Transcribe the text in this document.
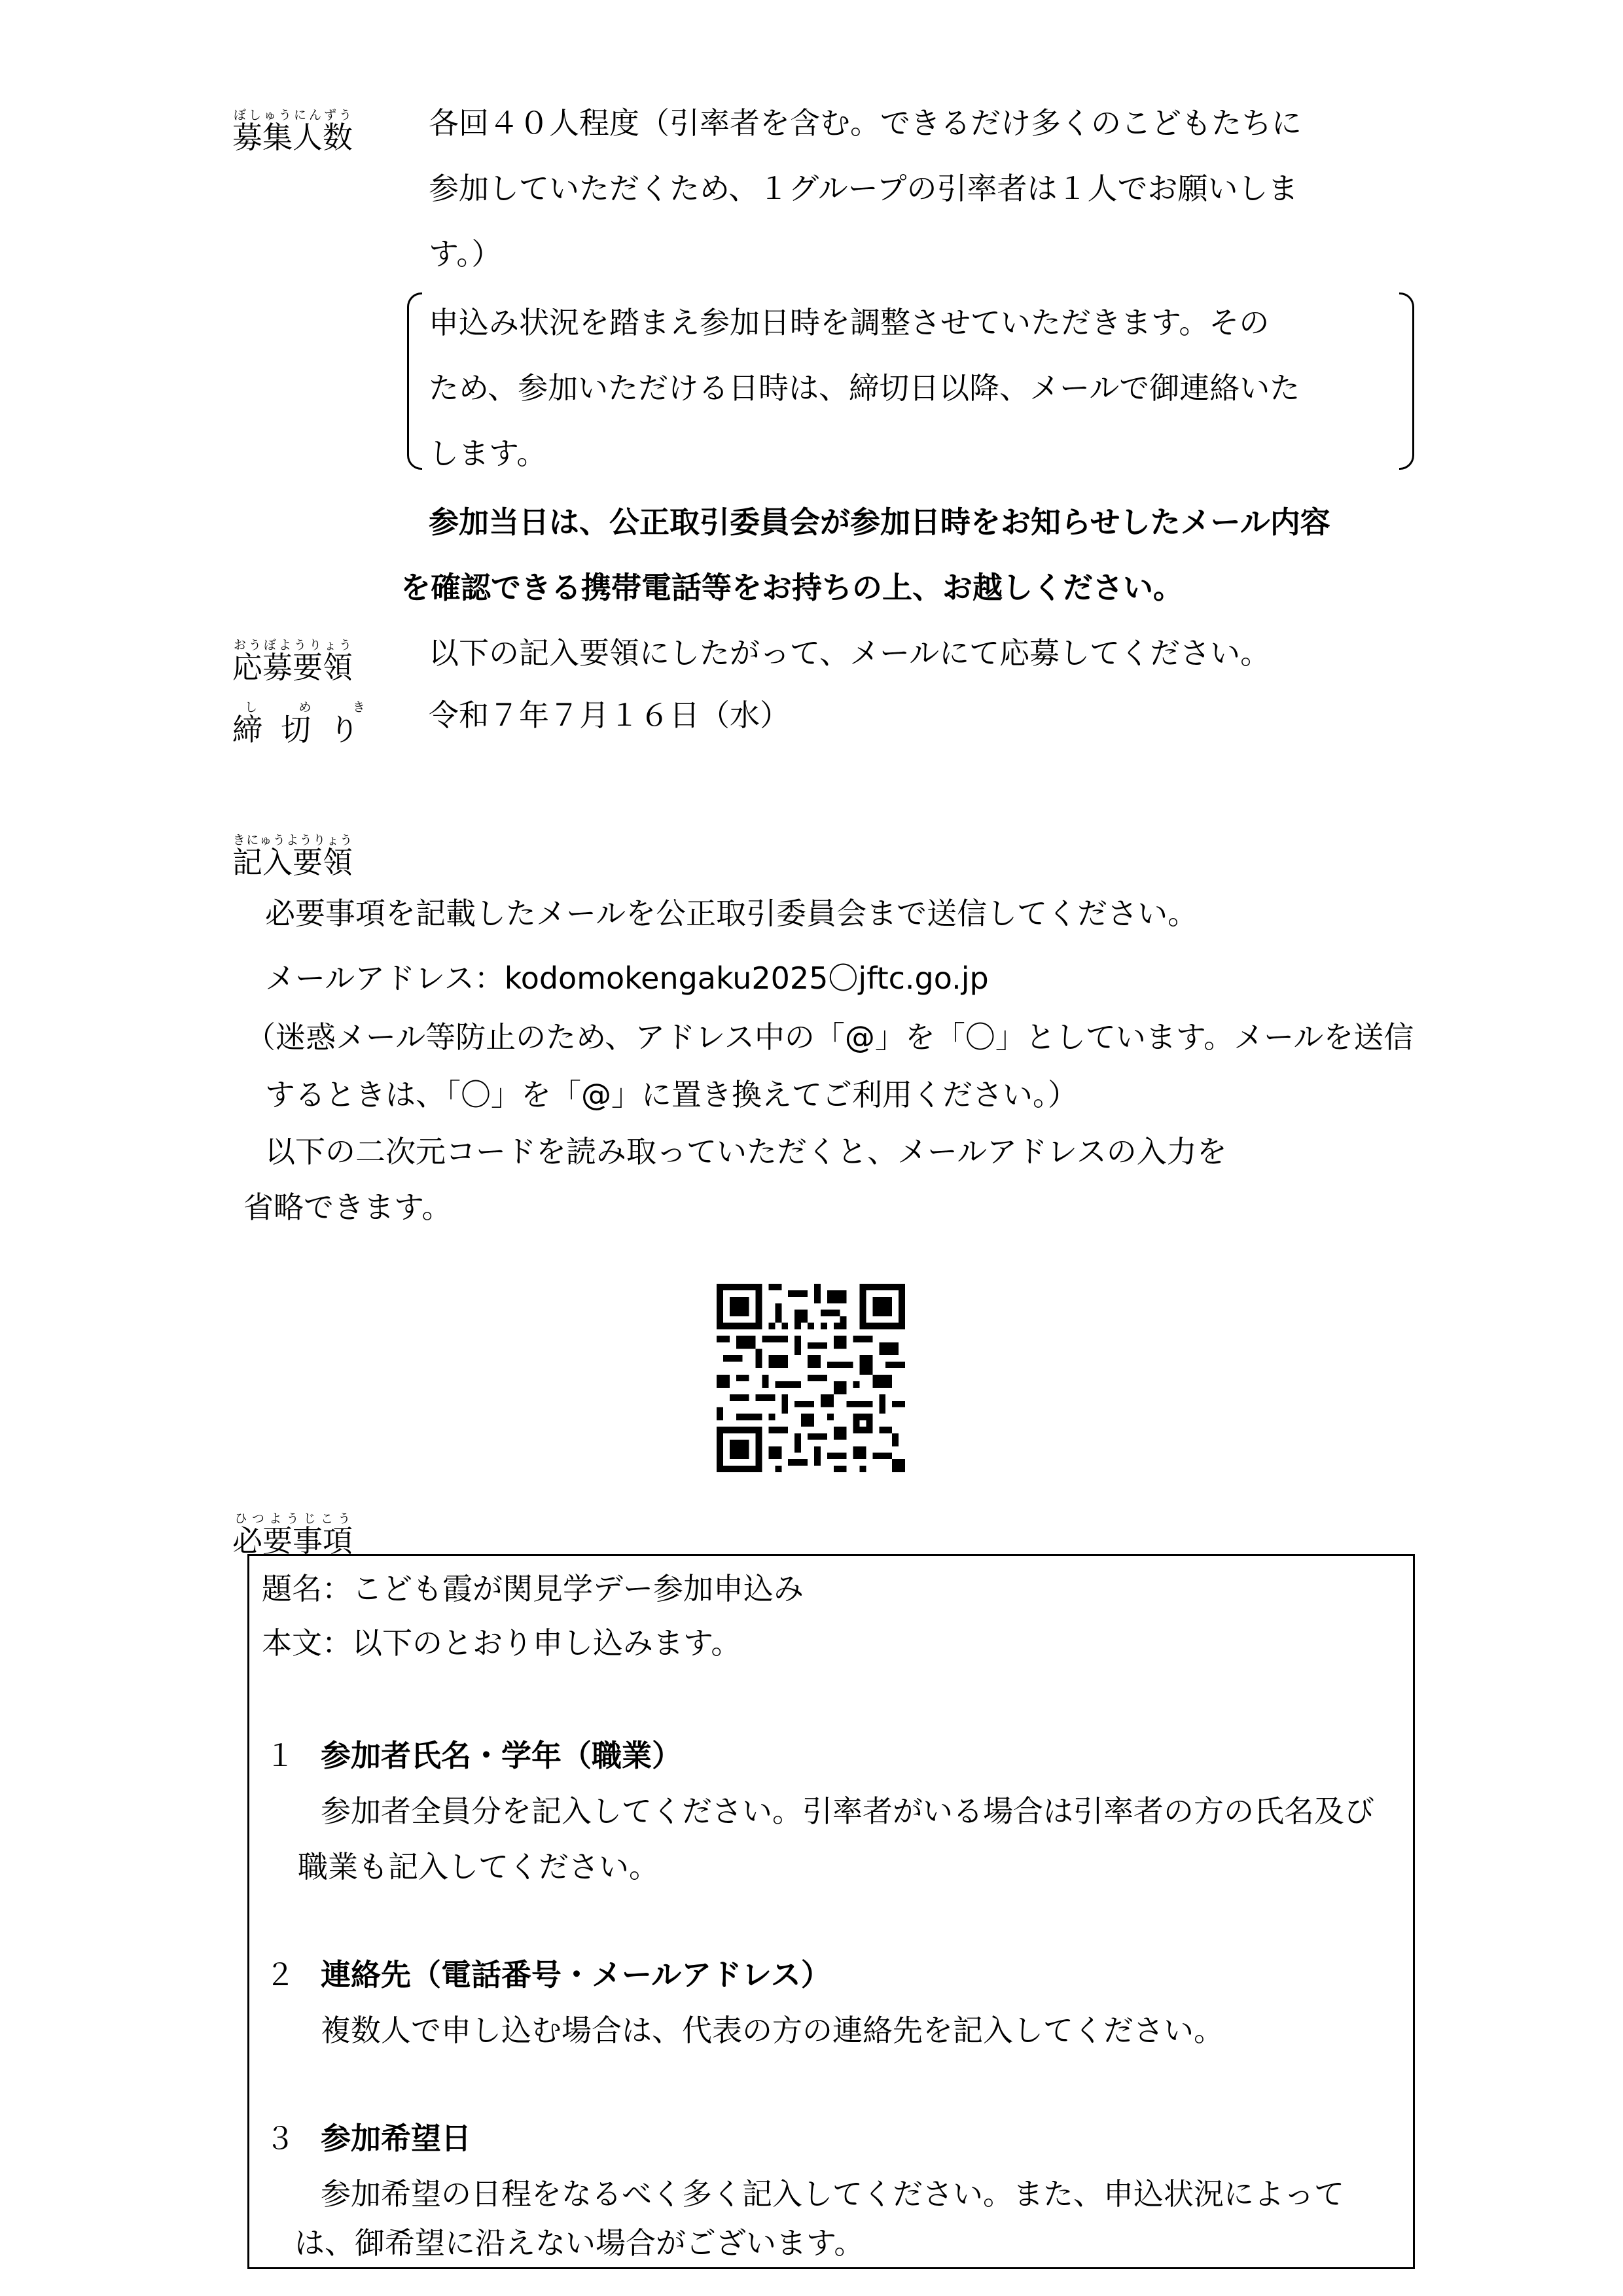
募集人数ぼしゅうにんずう	各回４０人程度（引率者を含む。できるだけ多くのこどもたちに
参加していただくため、１グループの引率者は１人でお願いしま
す。）
申込み状況を踏まえ参加日時を調整させていただきます。その
ため、参加いただける日時は、締切日以降、メールで御連絡いた
します。
参加当日は、公正取引委員会が参加日時をお知らせしたメール内容
を確認できる携帯電話等をお持ちの上、お越しください。
応募要領おうぼようりょう	以下の記入要領にしたがって、メールにて応募してください。
締切りしめき 令和７年７月１６日（水）
記入要領きにゅうようりょう
必要事項を記載したメールを公正取引委員会まで送信してください。
メールアドレス：kodomokengaku2025〇jftc.go.jp
（迷惑メール等防止のため、アドレス中の「@」を「〇」としています。メールを送信
するときは、「〇」を「@」に置き換えてご利用ください。）
以下の二次元コードを読み取っていただくと、メールアドレスの入力を
省略できます。
必要事項ひつようじこう
題名：こども霞が関見学デー参加申込み
本文：以下のとおり申し込みます。
１ 参加者氏名・学年（職業）
参加者全員分を記入してください。引率者がいる場合は引率者の方の氏名及び
職業も記入してください。
２ 連絡先（電話番号・メールアドレス）
複数人で申し込む場合は、代表の方の連絡先を記入してください。
３ 参加希望日
参加希望の日程をなるべく多く記入してください。また、申込状況によって
は、御希望に沿えない場合がございます。
